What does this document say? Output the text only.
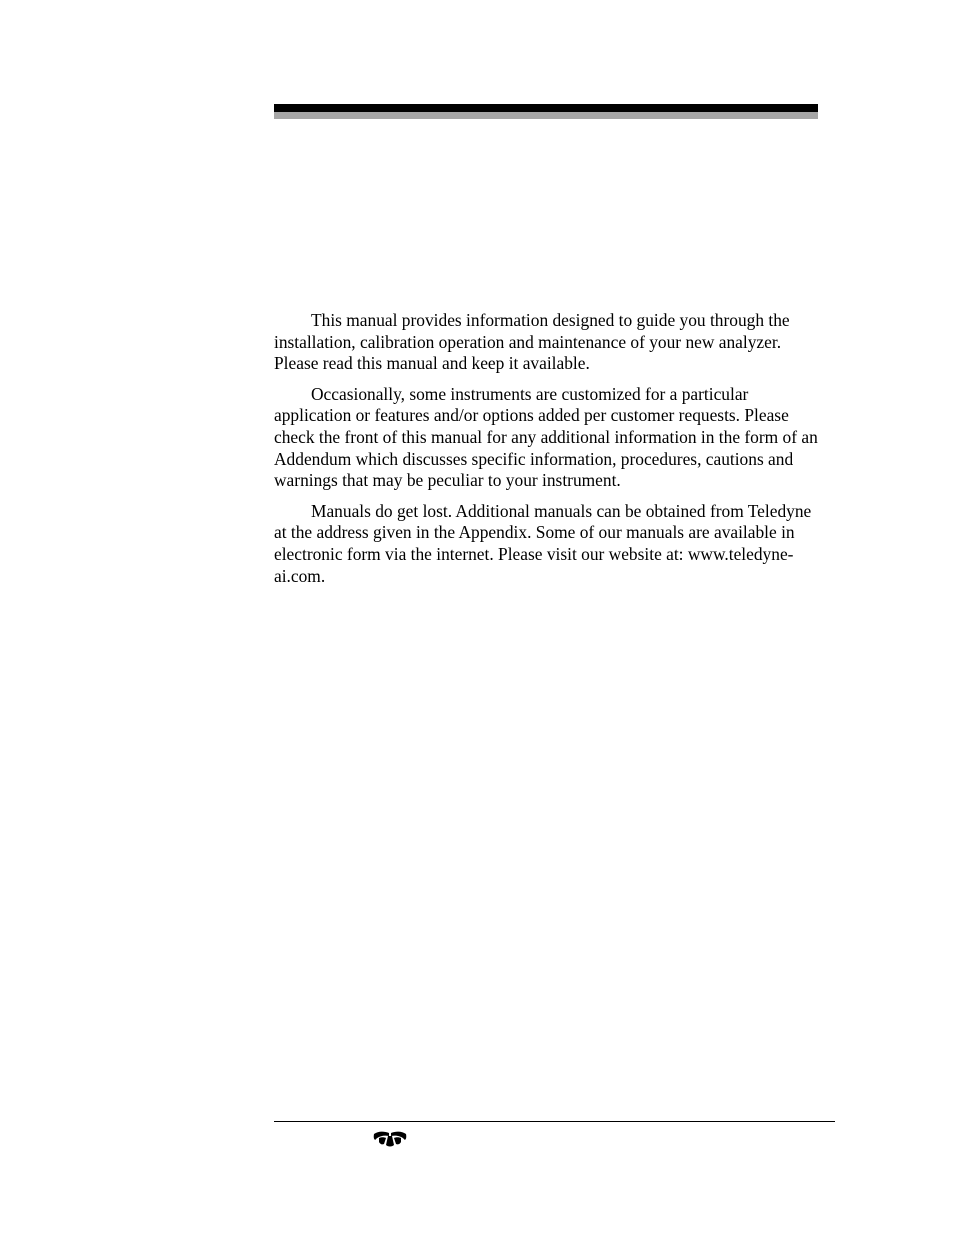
This manual provides information designed to guide you through the installation, calibration operation and maintenance of your new analyzer. Please read this manual and keep it available.

Occasionally, some instruments are customized for a particular application or features and/or options added per customer requests. Please check the front of this manual for any additional information in the form of an Addendum which discusses specific information, procedures, cautions and warnings that may be peculiar to your instrument.

Manuals do get lost. Additional manuals can be obtained from Teledyne at the address given in the Appendix. Some of our manuals are available in electronic form via the internet. Please visit our website at: www.teledyne-ai.com.
